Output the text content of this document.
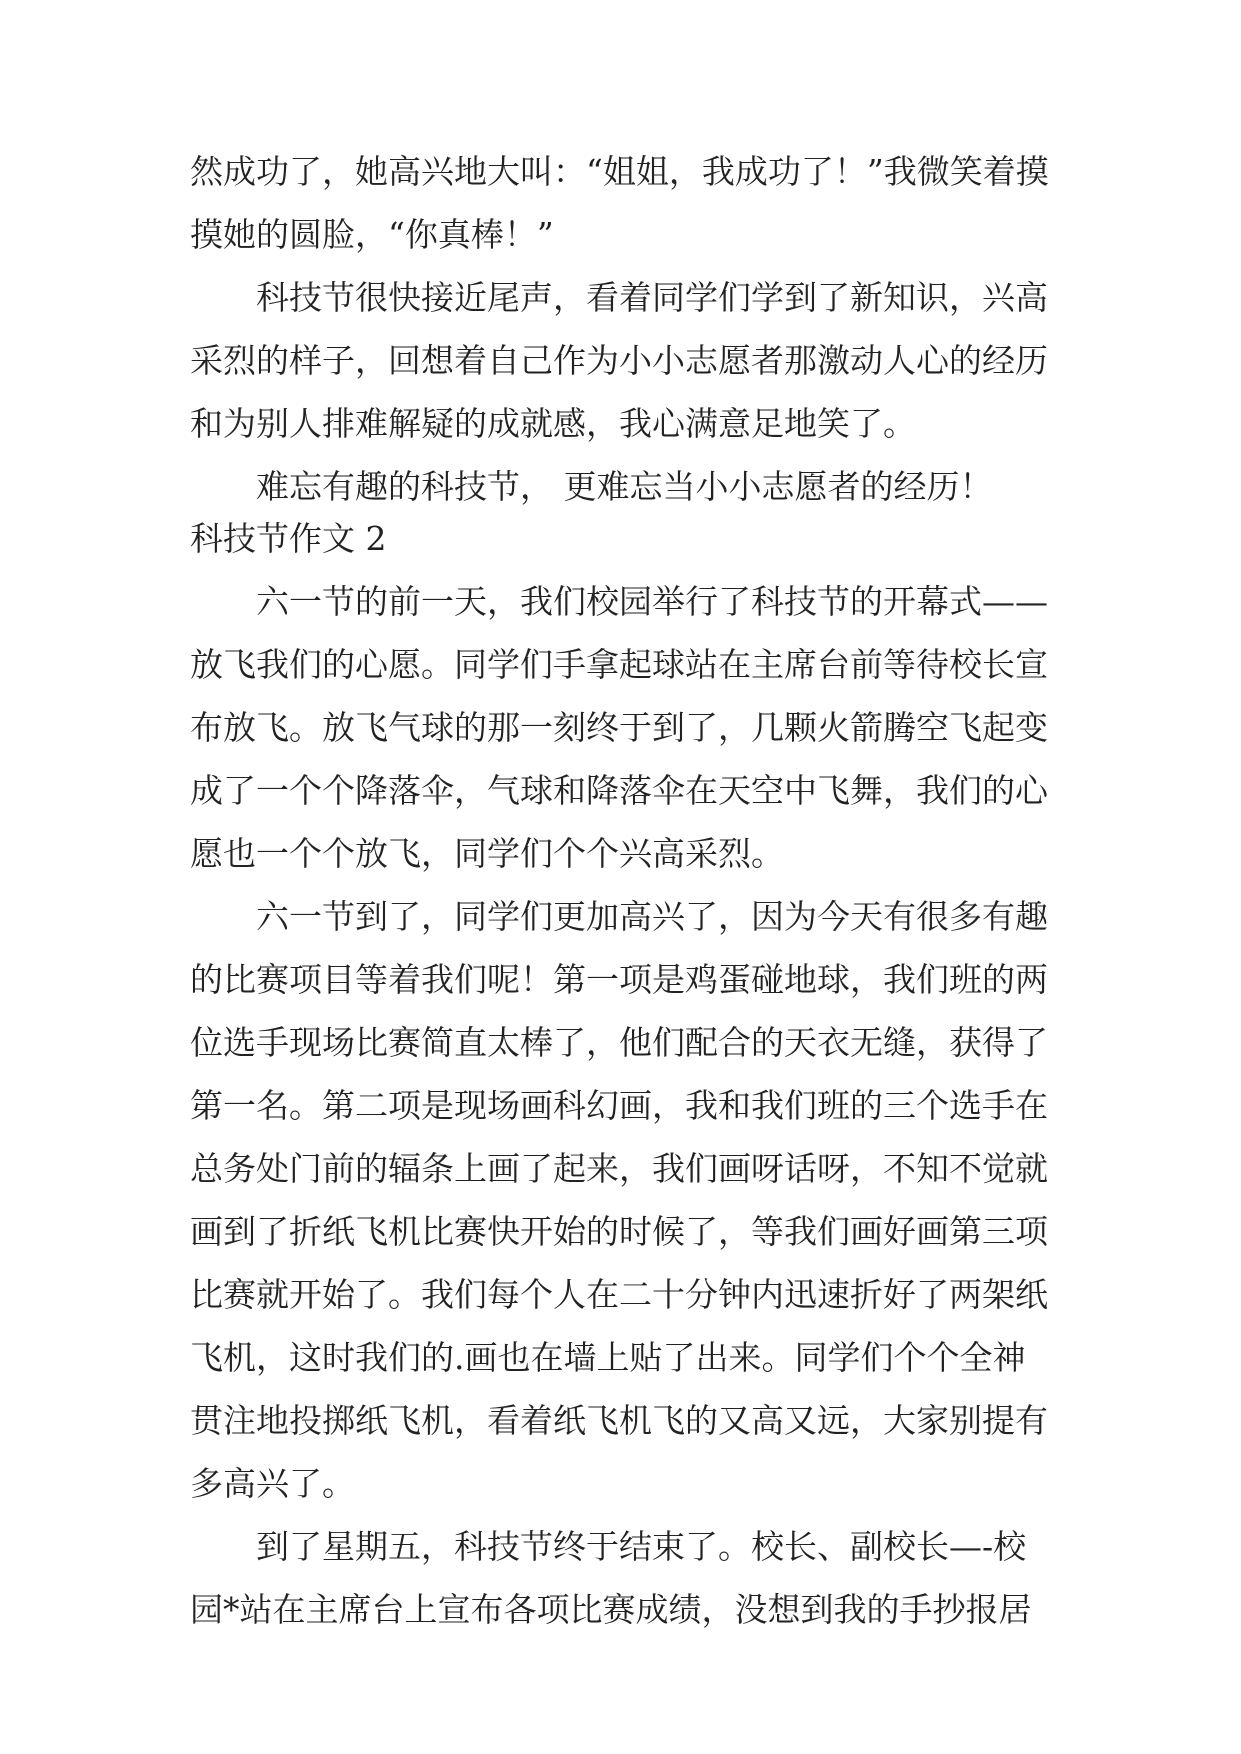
然成功了，她高兴地大叫：“姐姐，我成功了！”我微笑着摸
摸她的圆脸，“你真棒！”
科技节很快接近尾声，看着同学们学到了新知识，兴高
采烈的样子，回想着自己作为小小志愿者那激动人心的经历
和为别人排难解疑的成就感，我心满意足地笑了。
难忘有趣的科技节， 更难忘当小小志愿者的经历！
科技节作文 2
六一节的前一天，我们校园举行了科技节的开幕式——
放飞我们的心愿。同学们手拿起球站在主席台前等待校长宣
布放飞。放飞气球的那一刻终于到了，几颗火箭腾空飞起变
成了一个个降落伞，气球和降落伞在天空中飞舞，我们的心
愿也一个个放飞，同学们个个兴高采烈。
六一节到了，同学们更加高兴了，因为今天有很多有趣
的比赛项目等着我们呢！第一项是鸡蛋碰地球，我们班的两
位选手现场比赛简直太棒了，他们配合的天衣无缝，获得了
第一名。第二项是现场画科幻画，我和我们班的三个选手在
总务处门前的辐条上画了起来，我们画呀话呀，不知不觉就
画到了折纸飞机比赛快开始的时候了，等我们画好画第三项
比赛就开始了。我们每个人在二十分钟内迅速折好了两架纸
飞机，这时我们的.画也在墙上贴了出来。同学们个个全神
贯注地投掷纸飞机，看着纸飞机飞的又高又远，大家别提有
多高兴了。
到了星期五，科技节终于结束了。校长、副校长—-校
园*站在主席台上宣布各项比赛成绩，没想到我的手抄报居
